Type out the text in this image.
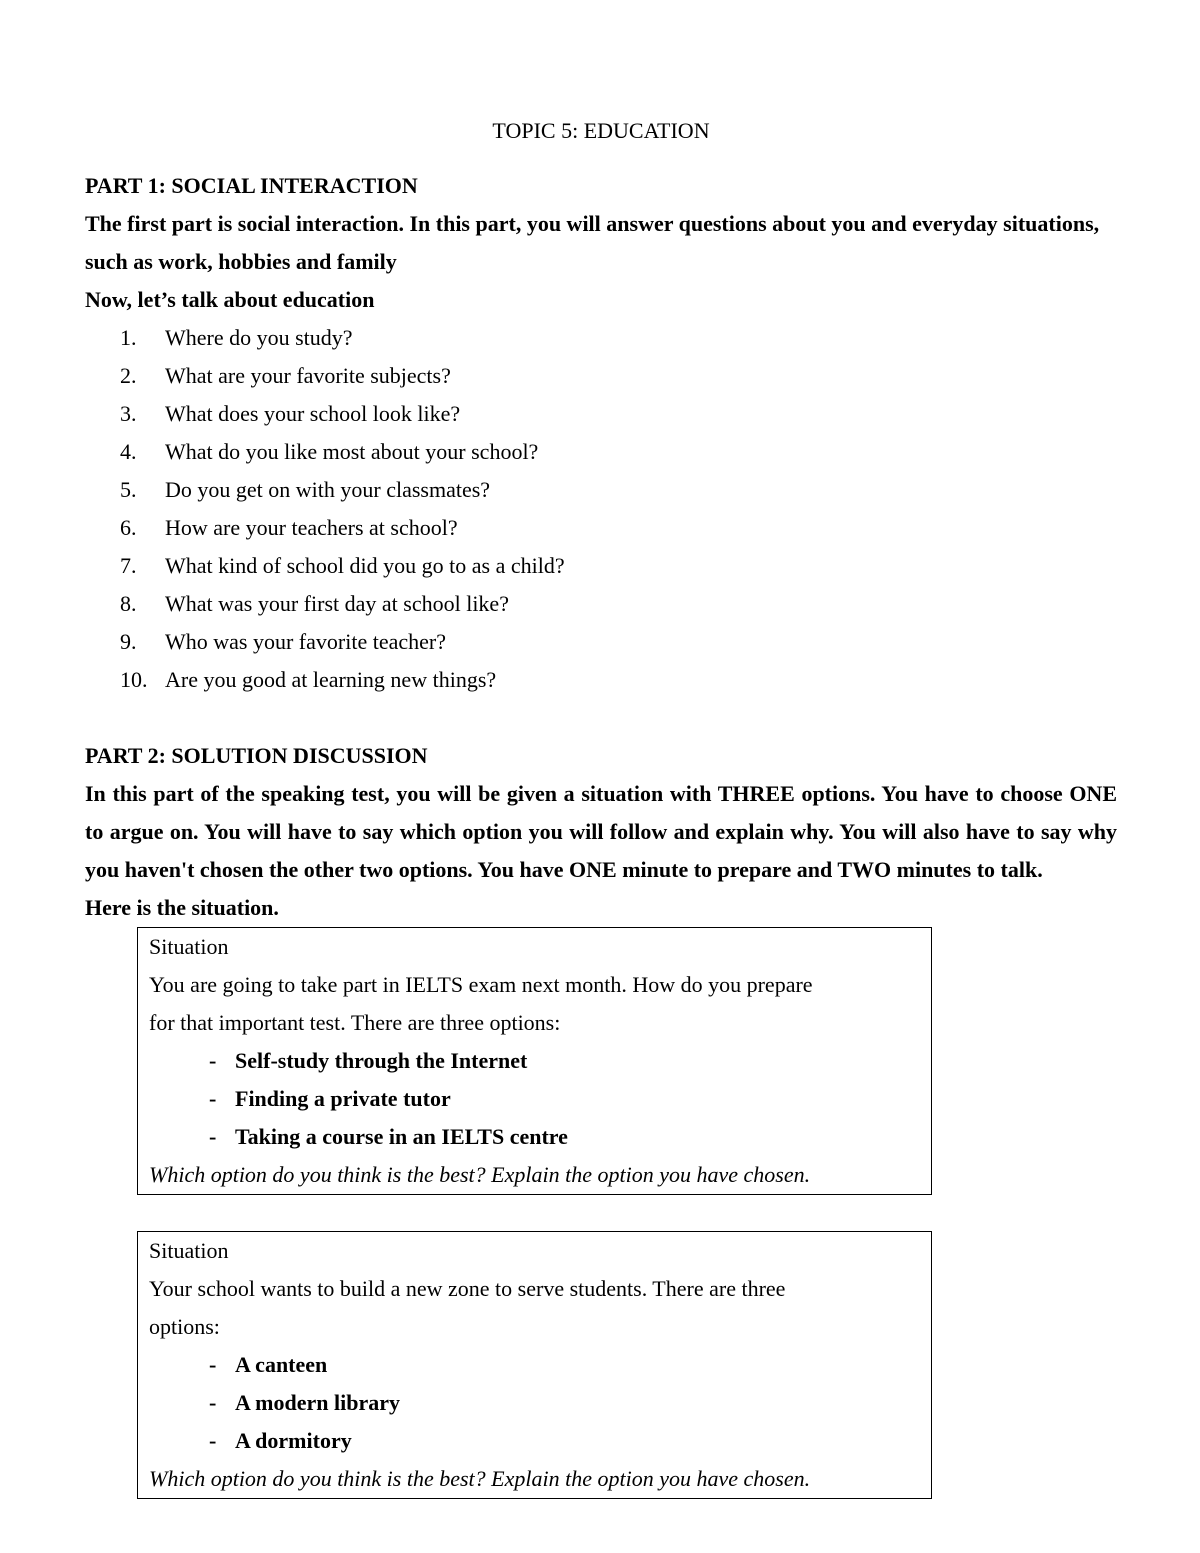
TOPIC 5: EDUCATION

PART 1: SOCIAL INTERACTION

The first part is social interaction. In this part, you will answer questions about you and everyday situations, such as work, hobbies and family

Now, let’s talk about education

1. Where do you study?
2. What are your favorite subjects?
3. What does your school look like?
4. What do you like most about your school?
5. Do you get on with your classmates?
6. How are your teachers at school?
7. What kind of school did you go to as a child?
8. What was your first day at school like?
9. Who was your favorite teacher?
10. Are you good at learning new things?

PART 2: SOLUTION DISCUSSION

In this part of the speaking test, you will be given a situation with THREE options. You have to choose ONE to argue on. You will have to say which option you will follow and explain why. You will also have to say why you haven't chosen the other two options. You have ONE minute to prepare and TWO minutes to talk.

Here is the situation.

Situation
You are going to take part in IELTS exam next month. How do you prepare
for that important test. There are three options:
- Self-study through the Internet
- Finding a private tutor
- Taking a course in an IELTS centre
Which option do you think is the best? Explain the option you have chosen.
Situation
Your school wants to build a new zone to serve students. There are three
options:
- A canteen
- A modern library
- A dormitory
Which option do you think is the best? Explain the option you have chosen.
